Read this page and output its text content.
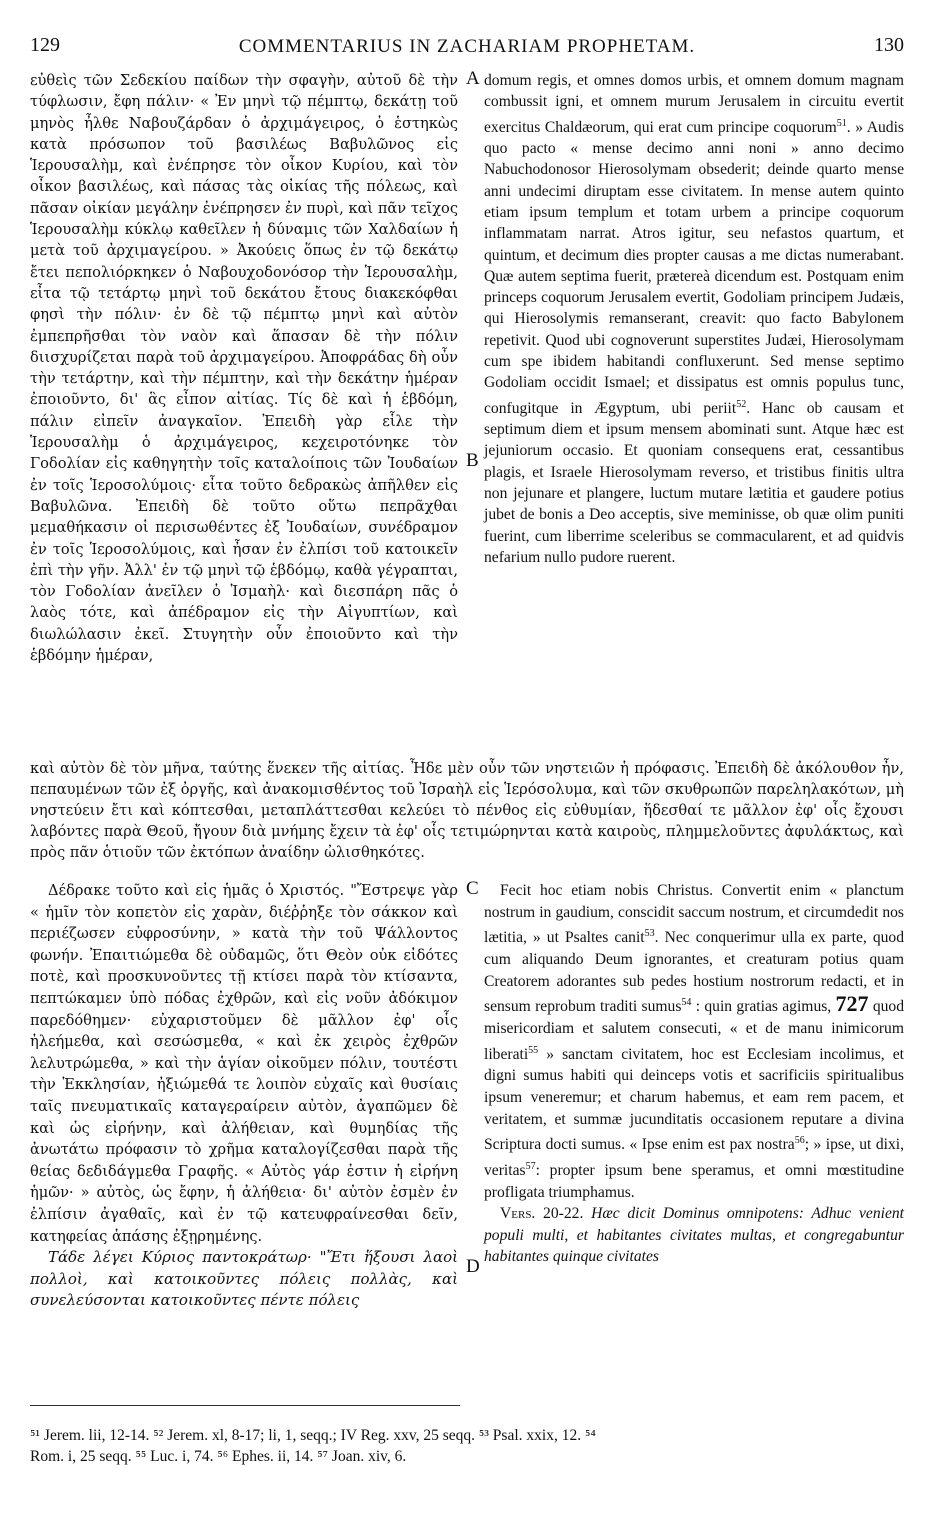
129	COMMENTARIUS IN ZACHARIAM PROPHETAM.	130

εὐθεὶς τῶν Σεδεκίου παίδων τὴν σφαγὴν, αὐτοῦ δὲ τὴν τύφλωσιν, ἔφη πάλιν· « Ἐν μηνὶ τῷ πέμπτῳ, δεκάτῃ τοῦ μηνὸς ἦλθε Ναβουζάρδαν ὁ ἀρχιμάγειρος, ὁ ἑστηκὼς κατὰ πρόσωπον τοῦ βασιλέως Βαβυλῶνος εἰς Ἱερουσαλὴμ, καὶ ἐνέπρησε τὸν οἶκον Κυρίου, καὶ τὸν οἶκον βασιλέως, καὶ πάσας τὰς οἰκίας τῆς πόλεως, καὶ πᾶσαν οἰκίαν μεγάλην ἐνέπρησεν ἐν πυρὶ, καὶ πᾶν τεῖχος Ἱερουσαλὴμ κύκλῳ καθεῖλεν ἡ δύναμις τῶν Χαλδαίων ἡ μετὰ τοῦ ἀρχιμαγείρου. » Ἀκούεις ὅπως ἐν τῷ δεκάτῳ ἔτει πεπολιόρκηκεν ὁ Ναβουχοδονόσορ τὴν Ἱερουσαλὴμ, εἶτα τῷ τετάρτῳ μηνὶ τοῦ δεκάτου ἔτους διακεκόφθαι φησὶ τὴν πόλιν· ἐν δὲ τῷ πέμπτῳ μηνὶ καὶ αὐτὸν ἐμπεπρῆσθαι τὸν ναὸν καὶ ἅπασαν δὲ τὴν πόλιν διισχυρίζεται παρὰ τοῦ ἀρχιμαγείρου. Ἀποφράδας δὴ οὖν τὴν τετάρτην, καὶ τὴν πέμπτην, καὶ τὴν δεκάτην ἡμέραν ἐποιοῦντο, δι' ἃς εἶπον αἰτίας. Τίς δὲ καὶ ἡ ἑβδόμη, πάλιν εἰπεῖν ἀναγκαῖον. Ἐπειδὴ γὰρ εἷλε τὴν Ἱερουσαλὴμ ὁ ἀρχιμάγειρος, κεχειροτόνηκε τὸν Γοδολίαν εἰς καθηγητὴν τοῖς καταλοίποις τῶν Ἰουδαίων ἐν τοῖς Ἱεροσολύμοις· εἶτα τοῦτο δεδρακὼς ἀπῆλθεν εἰς Βαβυλῶνα. Ἐπειδὴ δὲ τοῦτο οὕτω πεπρᾶχθαι μεμαθήκασιν οἱ περισωθέντες ἐξ Ἰουδαίων, συνέδραμον ἐν τοῖς Ἱεροσολύμοις, καὶ ἦσαν ἐν ἐλπίσι τοῦ κατοικεῖν ἐπὶ τὴν γῆν. Ἀλλ' ἐν τῷ μηνὶ τῷ ἑβδόμῳ, καθὰ γέγραπται, τὸν Γοδολίαν ἀνεῖλεν ὁ Ἰσμαὴλ· καὶ διεσπάρη πᾶς ὁ λαὸς τότε, καὶ ἀπέδραμον εἰς τὴν Αἰγυπτίων, καὶ διωλώλασιν ἐκεῖ. Στυγητὴν οὖν ἐποιοῦντο καὶ τὴν ἑβδόμην ἡμέραν,

A
B

domum regis, et omnes domos urbis, et omnem domum magnam combussit igni, et omnem murum Jerusalem in circuitu evertit exercitus Chaldæorum, qui erat cum principe coquorum$^{51}$. » Audis quo pacto « mense decimo anni noni » anno decimo Nabuchodonosor Hierosolymam obsederit; deinde quarto mense anni undecimi diruptam esse civitatem. In mense autem quinto etiam ipsum templum et totam urbem a principe coquorum inflammatam narrat. Atros igitur, seu nefastos quartum, et quintum, et decimum dies propter causas a me dictas numerabant. Quæ autem septima fuerit, prætereà dicendum est. Postquam enim princeps coquorum Jerusalem evertit, Godoliam principem Judæis, qui Hierosolymis remanserant, creavit: quo facto Babylonem repetivit. Quod ubi cognoverunt superstites Judæi, Hierosolymam cum spe ibidem habitandi confluxerunt. Sed mense septimo Godoliam occidit Ismael; et dissipatus est omnis populus tunc, confugitque in Ægyptum, ubi periit$^{52}$. Hanc ob causam et septimum diem et ipsum mensem abominati sunt. Atque hæc est jejuniorum occasio. Et quoniam consequens erat, cessantibus plagis, et Israele Hierosolymam reverso, et tristibus finitis ultra non jejunare et plangere, luctum mutare lætitia et gaudere potius jubet de bonis a Deo acceptis, sive meminisse, ob quæ olim puniti fuerint, cum liberrime sceleribus se commacularent, et ad quidvis nefarium nullo pudore ruerent.

καὶ αὐτὸν δὲ τὸν μῆνα, ταύτης ἕνεκεν τῆς αἰτίας. Ἦδε μὲν οὖν τῶν νηστειῶν ἡ πρόφασις. Ἐπειδὴ δὲ ἀκόλουθον ἦν, πεπαυμένων τῶν ἐξ ὀργῆς, καὶ ἀνακομισθέντος τοῦ Ἰσραὴλ εἰς Ἱερόσολυμα, καὶ τῶν σκυθρωπῶν παρεληλακότων, μὴ νηστεύειν ἔτι καὶ κόπτεσθαι, μεταπλάττεσθαι κελεύει τὸ πένθος εἰς εὐθυμίαν, ἥδεσθαί τε μᾶλλον ἐφ' οἷς ἔχουσι λαβόντες παρὰ Θεοῦ, ἤγουν διὰ μνήμης ἔχειν τὰ ἐφ' οἷς τετιμώρηνται κατὰ καιροὺς, πλημμελοῦντες ἀφυλάκτως, καὶ πρὸς πᾶν ὁτιοῦν τῶν ἐκτόπων ἀναίδην ὠλισθηκότες.

Δέδρακε τοῦτο καὶ εἰς ἡμᾶς ὁ Χριστός. "Ἔστρεψε γὰρ « ἡμῖν τὸν κοπετὸν εἰς χαρὰν, διέῤῥηξε τὸν σάκκον καὶ περιέζωσεν εὐφροσύνην, » κατὰ τὴν τοῦ Ψάλλοντος φωνήν. Ἐπαιτιώμεθα δὲ οὐδαμῶς, ὅτι Θεὸν οὐκ εἰδότες ποτὲ, καὶ προσκυνοῦντες τῇ κτίσει παρὰ τὸν κτίσαντα, πεπτώκαμεν ὑπὸ πόδας ἐχθρῶν, καὶ εἰς νοῦν ἀδόκιμον παρεδόθημεν· εὐχαριστοῦμεν δὲ μᾶλλον ἐφ' οἷς ἠλεήμεθα, καὶ σεσώσμεθα, « καὶ ἐκ χειρὸς ἐχθρῶν λελυτρώμεθα, » καὶ τὴν ἁγίαν οἰκοῦμεν πόλιν, τουτέστι τὴν Ἐκκλησίαν, ἠξιώμεθά τε λοιπὸν εὐχαῖς καὶ θυσίαις ταῖς πνευματικαῖς καταγεραίρειν αὐτὸν, ἀγαπῶμεν δὲ καὶ ὡς εἰρήνην, καὶ ἀλήθειαν, καὶ θυμηδίας τῆς ἀνωτάτω πρόφασιν τὸ χρῆμα καταλογίζεσθαι παρὰ τῆς θείας δεδιδάγμεθα Γραφῆς. « Αὐτὸς γάρ ἐστιν ἡ εἰρήνη ἡμῶν· » αὐτὸς, ὡς ἔφην, ἡ ἀλήθεια· δι' αὐτὸν ἐσμὲν ἐν ἐλπίσιν ἀγαθαῖς, καὶ ἐν τῷ κατευφραίνεσθαι δεῖν, κατηφείας ἁπάσης ἐξῃρημένης.

Τάδε λέγει Κύριος παντοκράτωρ· "Ἔτι ἥξουσι λαοὶ πολλοὶ, καὶ κατοικοῦντες πόλεις πολλὰς, καὶ συνελεύσονται κατοικοῦντες πέντε πόλεις

C
D

Fecit hoc etiam nobis Christus. Convertit enim « planctum nostrum in gaudium, conscidit saccum nostrum, et circumdedit nos lætitia, » ut Psaltes canit$^{53}$. Nec conquerimur ulla ex parte, quod cum aliquando Deum ignorantes, et creaturam potius quam Creatorem adorantes sub pedes hostium nostrorum redacti, et in sensum reprobum traditi sumus$^{54}$ : quin gratias agimus, 727 quod misericordiam et salutem consecuti, « et de manu inimicorum liberati$^{55}$ » sanctam civitatem, hoc est Ecclesiam incolimus, et digni sumus habiti qui deinceps votis et sacrificiis spiritualibus ipsum veneremur; et charum habemus, et eam rem pacem, et veritatem, et summæ jucunditatis occasionem reputare a divina Scriptura docti sumus. « Ipse enim est pax nostra$^{56}$; » ipse, ut dixi, veritas$^{57}$: propter ipsum bene speramus, et omni mœstitudine profligata triumphamus.

Vers. 20-22. Hæc dicit Dominus omnipotens: Adhuc venient populi multi, et habitantes civitates multas, et congregabuntur habitantes quinque civitates

⁵¹ Jerem. lii, 12-14. ⁵² Jerem. xl, 8-17; li, 1, seqq.; IV Reg. xxv, 25 seqq. ⁵³ Psal. xxix, 12. ⁵⁴
Rom. i, 25 seqq. ⁵⁵ Luc. i, 74. ⁵⁶ Ephes. ii, 14. ⁵⁷ Joan. xiv, 6.
